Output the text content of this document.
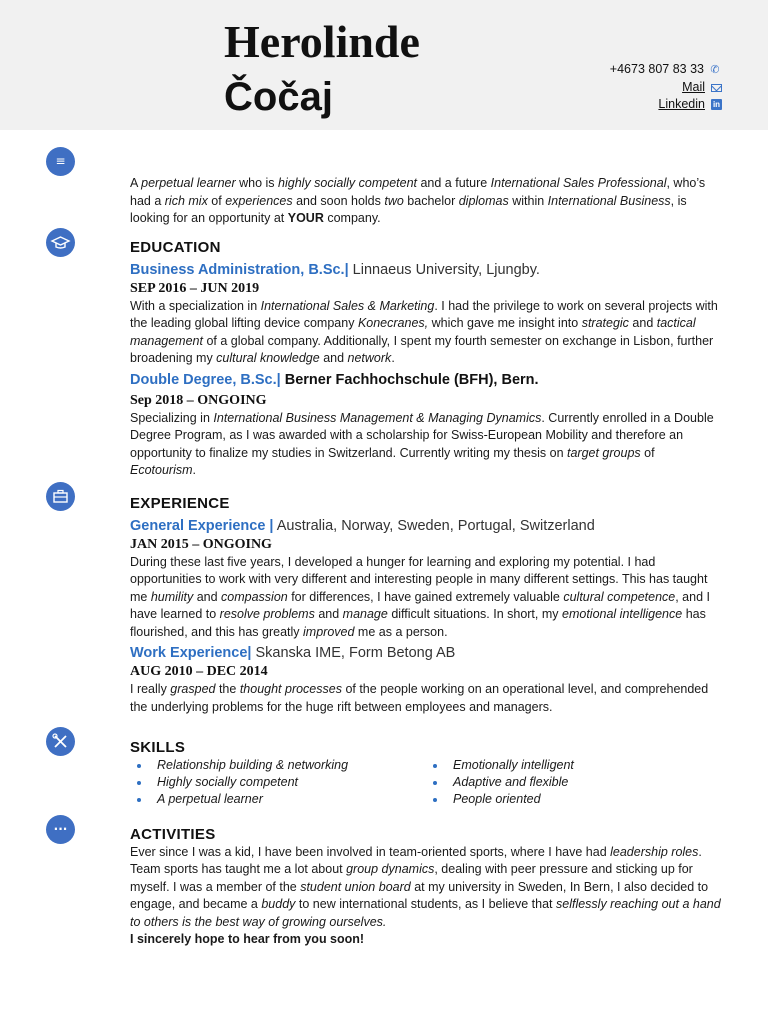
Herolinde
Čočaj
+4673 807 83 33 ✆
Mail
Linkedin in
≡
···

A perpetual learner who is highly socially competent and a future International Sales Professional, who’s had a rich mix of experiences and soon holds two bachelor diplomas within International Business, is looking for an opportunity at YOUR company.

EDUCATION
Business Administration, B.Sc.| Linnaeus University, Ljungby.
SEP 2016 – JUN 2019

With a specialization in International Sales & Marketing. I had the privilege to work on several projects with the leading global lifting device company Konecranes, which gave me insight into strategic and tactical management of a global company. Additionally, I spent my fourth semester on exchange in Lisbon, further broadening my cultural knowledge and network.

Double Degree, B.Sc.| Berner Fachhochschule (BFH), Bern.
Sep 2018 – ONGOING

Specializing in International Business Management & Managing Dynamics. Currently enrolled in a Double Degree Program, as I was awarded with a scholarship for Swiss-European Mobility and therefore an opportunity to finalize my studies in Switzerland. Currently writing my thesis on target groups of Ecotourism.

EXPERIENCE
General Experience | Australia, Norway, Sweden, Portugal, Switzerland
JAN 2015 – ONGOING

During these last five years, I developed a hunger for learning and exploring my potential. I had opportunities to work with very different and interesting people in many different settings. This has taught me humility and compassion for differences, I have gained extremely valuable cultural competence, and I have learned to resolve problems and manage difficult situations. In short, my emotional intelligence has flourished, and this has greatly improved me as a person.

Work Experience| Skanska IME, Form Betong AB
AUG 2010 – DEC 2014

I really grasped the thought processes of the people working on an operational level, and comprehended the underlying problems for the huge rift between employees and managers.

SKILLS
Relationship building & networking
Highly socially competent
A perpetual learner
Emotionally intelligent
Adaptive and flexible
People oriented
ACTIVITIES

Ever since I was a kid, I have been involved in team-oriented sports, where I have had leadership roles. Team sports has taught me a lot about group dynamics, dealing with peer pressure and sticking up for myself. I was a member of the student union board at my university in Sweden, In Bern, I also decided to engage, and became a buddy to new international students, as I believe that selflessly reaching out a hand to others is the best way of growing ourselves.

I sincerely hope to hear from you soon!
